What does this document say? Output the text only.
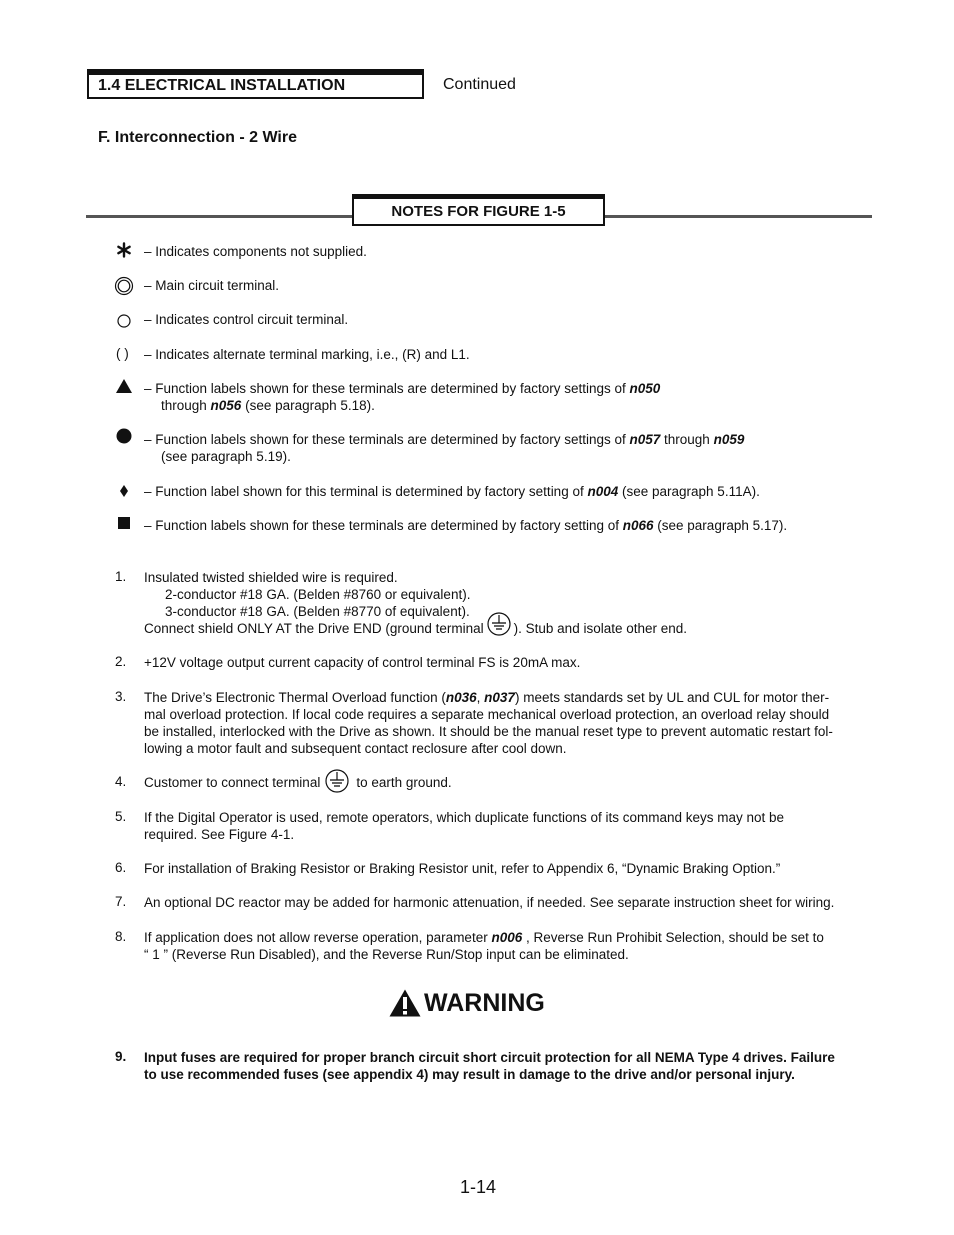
1.4 ELECTRICAL INSTALLATION	Continued
F. Interconnection - 2 Wire
NOTES FOR FIGURE 1-5
– Indicates components not supplied.
– Main circuit terminal.
– Indicates control circuit terminal.
( ) – Indicates alternate terminal marking, i.e., (R) and L1.
– Function labels shown for these terminals are determined by factory settings of n050
through n056 (see paragraph 5.18).
– Function labels shown for these terminals are determined by factory settings of n057 through n059
(see paragraph 5.19).
– Function label shown for this terminal is determined by factory setting of n004 (see paragraph 5.11A).
– Function labels shown for these terminals are determined by factory setting of n066 (see paragraph 5.17).
1. Insulated twisted shielded wire is required.
2-conductor #18 GA. (Belden #8760 or equivalent).
3-conductor #18 GA. (Belden #8770 of equivalent).
Connect shield ONLY AT the Drive END (ground terminal ). Stub and isolate other end.
2. +12V voltage output current capacity of control terminal FS is 20mA max.
3. The Drive’s Electronic Thermal Overload function (n036, n037) meets standards set by UL and CUL for motor ther-
mal overload protection. If local code requires a separate mechanical overload protection, an overload relay should
be installed, interlocked with the Drive as shown. It should be the manual reset type to prevent automatic restart fol-
lowing a motor fault and subsequent contact reclosure after cool down.
4. Customer to connect terminal	to earth ground.
5. If the Digital Operator is used, remote operators, which duplicate functions of its command keys may not be
required. See Figure 4-1.
6. For installation of Braking Resistor or Braking Resistor unit, refer to Appendix 6, “Dynamic Braking Option.”
7. An optional DC reactor may be added for harmonic attenuation, if needed. See separate instruction sheet for wiring.
8. If application does not allow reverse operation, parameter n006 , Reverse Run Prohibit Selection, should be set to
“ 1 ” (Reverse Run Disabled), and the Reverse Run/Stop input can be eliminated.
WARNING
9. Input fuses are required for proper branch circuit short circuit protection for all NEMA Type 4 drives. Failure
to use recommended fuses (see appendix 4) may result in damage to the drive and/or personal injury.
1-14
